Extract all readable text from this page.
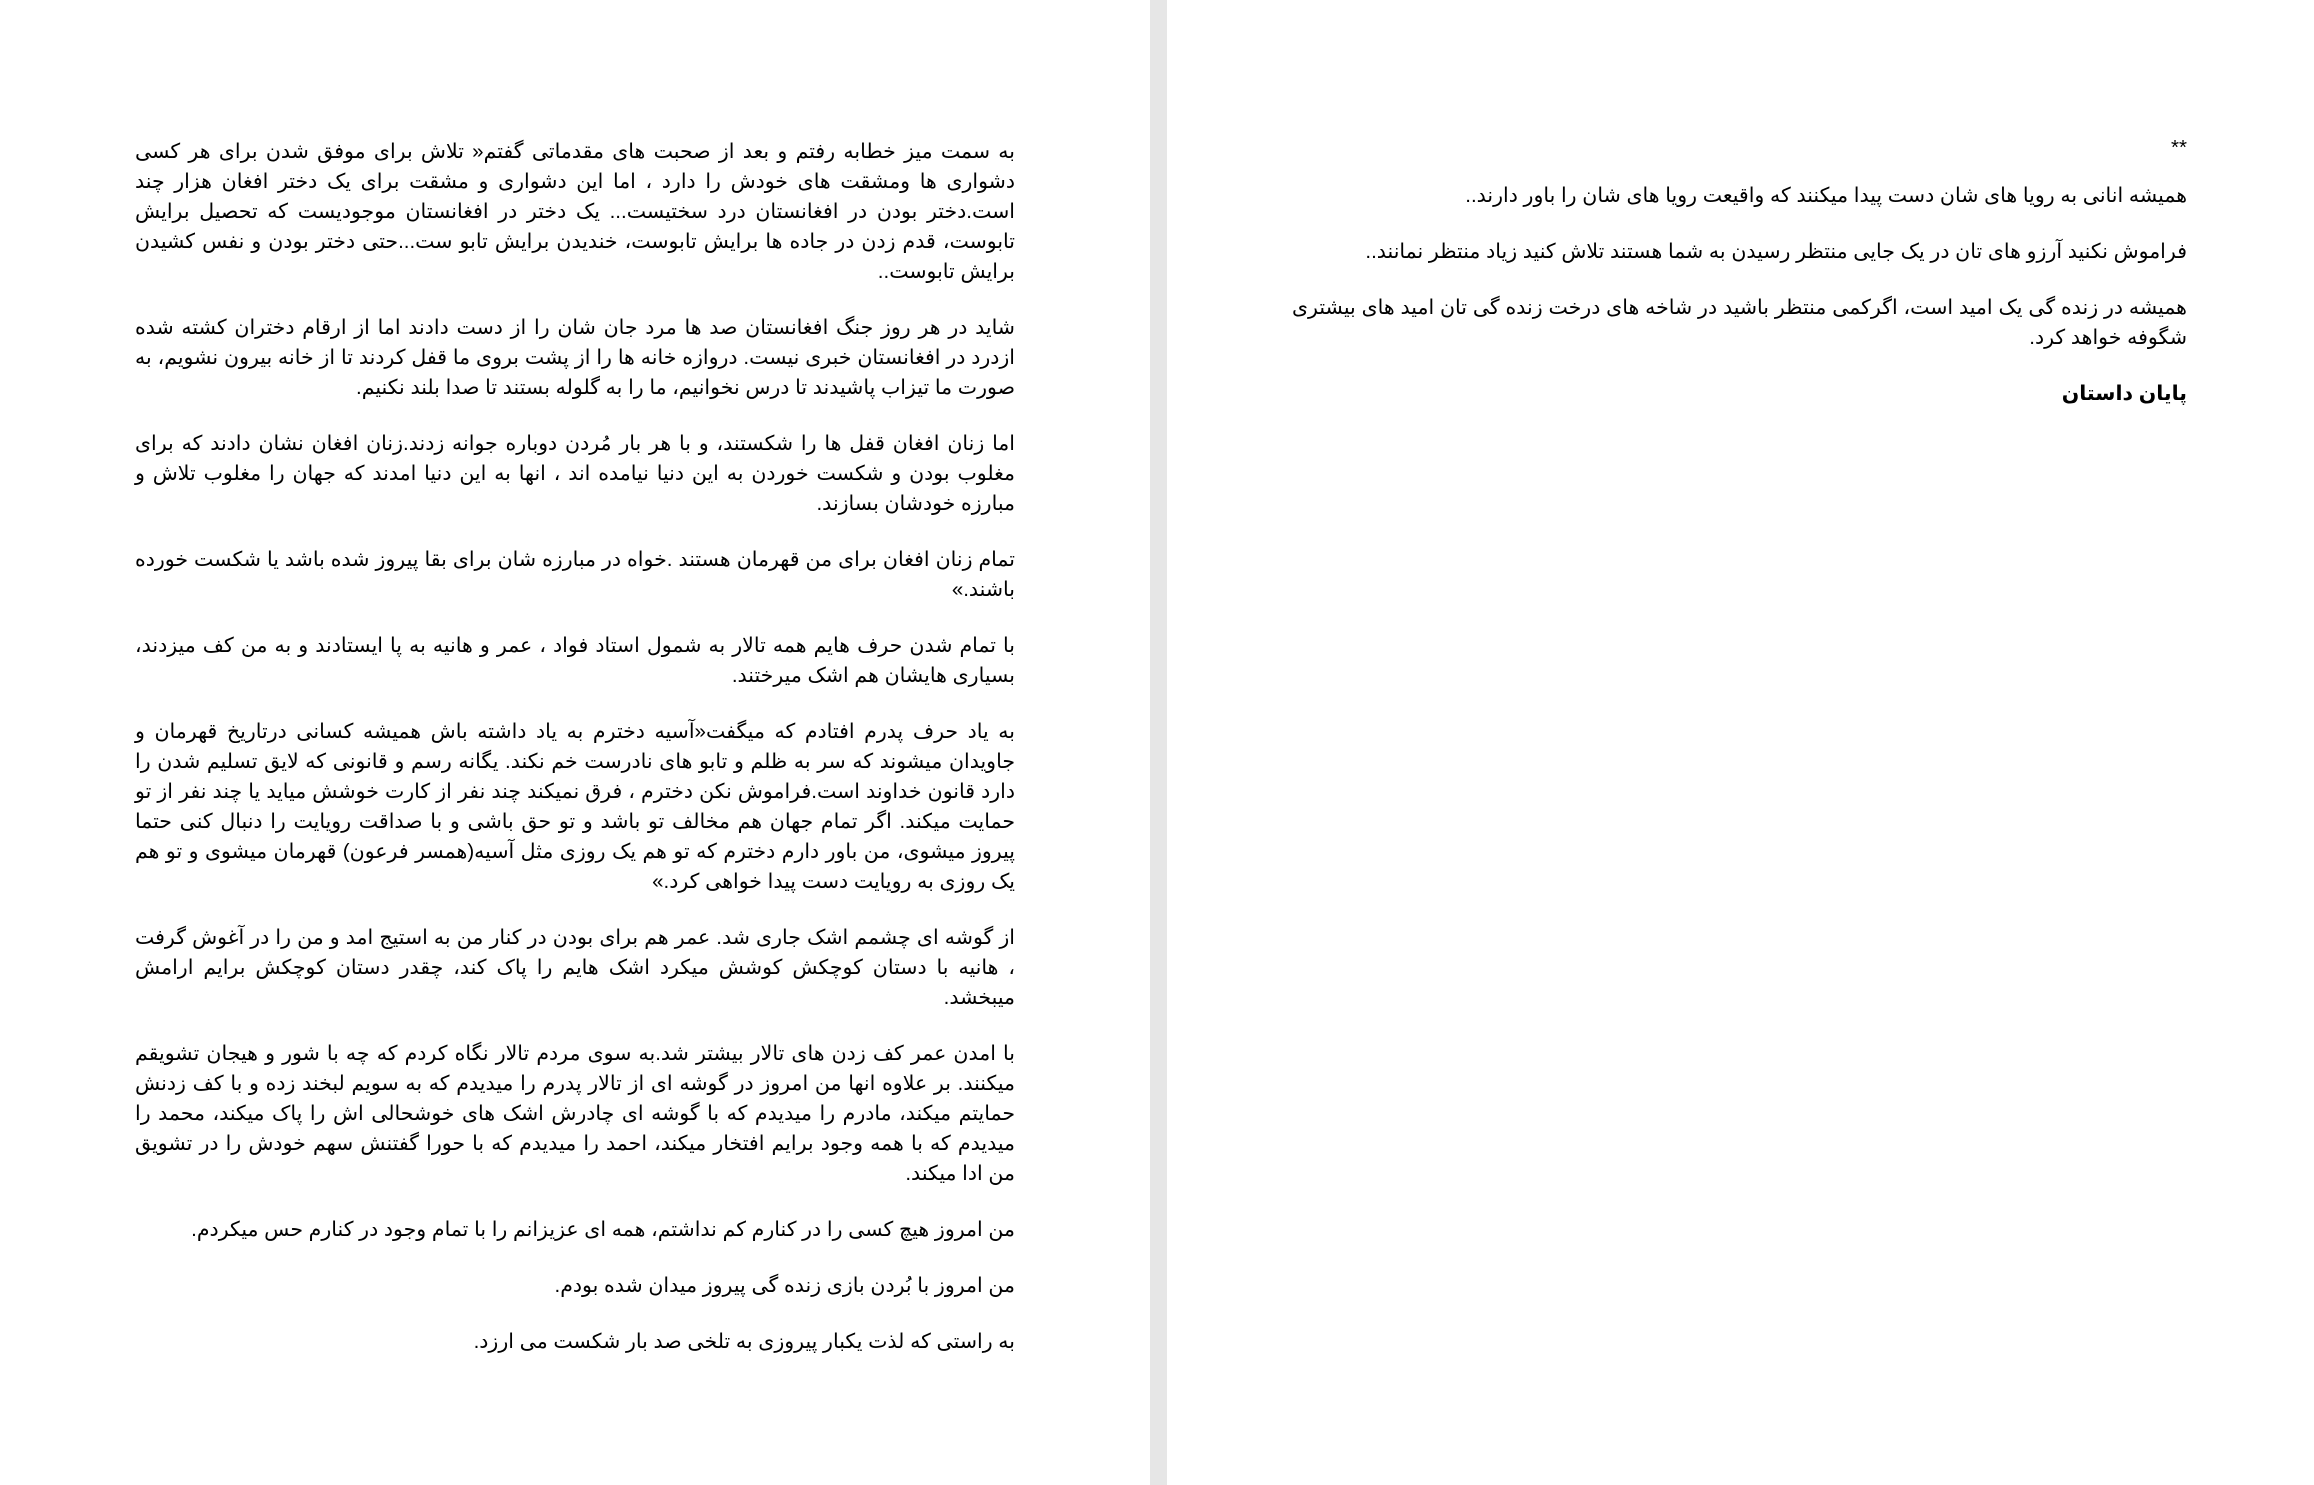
به سمت میز خطابه رفتم و بعد از صحبت های مقدماتی گفتم« تلاش برای موفق شدن برای هر کسی دشواری ها ومشقت های خودش را دارد ، اما این دشواری و مشقت برای یک دختر افغان هزار چند است.دختر بودن در افغانستان درد سختیست... یک دختر در افغانستان موجودیست که تحصیل برایش تابوست، قدم زدن در جاده ها برایش تابوست، خندیدن برایش تابو ست...حتی دختر بودن و نفس کشیدن برایش تابوست..

شاید در هر روز جنگ افغانستان صد ها مرد جان شان را از دست دادند اما از ارقام دختران کشته شده ازدرد در افغانستان خبری نیست. دروازه خانه ها را از پشت بروی ما قفل کردند تا از خانه بیرون نشویم، به صورت ما تیزاب پاشیدند تا درس نخوانیم، ما را به گلوله بستند تا صدا بلند نکنیم.

اما زنان افغان قفل ها را شکستند، و با هر بار مُردن دوباره جوانه زدند.زنان افغان نشان دادند که برای مغلوب بودن و شکست خوردن به این دنیا نیامده اند ، انها به این دنیا امدند که جهان را مغلوب تلاش و مبارزه خودشان بسازند.

تمام زنان افغان برای من قهرمان هستند .خواه در مبارزه شان برای بقا پیروز شده باشد یا شکست خورده باشند.»

با تمام شدن حرف هایم همه تالار به شمول استاد فواد ، عمر و هانیه به پا ایستادند و به من کف میزدند، بسیاری هایشان هم اشک میرختند.

به یاد حرف پدرم افتادم که میگفت«آسیه دخترم به یاد داشته باش همیشه کسانی درتاریخ قهرمان و جاویدان میشوند که سر به ظلم و تابو های نادرست خم نکند. یگانه رسم و قانونی که لایق تسلیم شدن را دارد قانون خداوند است.فراموش نکن دخترم ، فرق نمیکند چند نفر از کارت خوشش میاید یا چند نفر از تو حمایت میکند. اگر تمام جهان هم مخالف تو باشد و تو حق باشی و با صداقت رویایت را دنبال کنی حتما پیروز میشوی، من باور دارم دخترم که تو هم یک روزی مثل آسیه(همسر فرعون) قهرمان میشوی و تو هم یک روزی به رویایت دست پیدا خواهی کرد.»

از گوشه ای چشمم اشک جاری شد. عمر هم برای بودن در کنار من به استیج امد و من را در آغوش گرفت ، هانیه با دستان کوچکش کوشش میکرد اشک هایم را پاک کند، چقدر دستان کوچکش برایم ارامش میبخشد.

با امدن عمر کف زدن های تالار بیشتر شد.به سوی مردم تالار نگاه کردم که چه با شور و هیجان تشویقم میکنند. بر علاوه انها من امروز در گوشه ای از تالار پدرم را میدیدم که به سویم لبخند زده و با کف زدنش حمایتم میکند، مادرم را میدیدم که با گوشه ای چادرش اشک های خوشحالی اش را پاک میکند، محمد را میدیدم که با همه وجود برایم افتخار میکند، احمد را میدیدم که با حورا گفتنش سهم خودش را در تشویق من ادا میکند.

من امروز هیچ کسی را در کنارم کم نداشتم، همه ای عزیزانم را با تمام وجود در کنارم حس میکردم.

من امروز با بُردن بازی زنده گی پیروز میدان شده بودم.

به راستی که لذت یکبار پیروزی به تلخی صد بار شکست می ارزد.

**

همیشه انانی به رویا های شان دست پیدا میکنند که واقیعت رویا های شان را باور دارند..

فراموش نکنید آرزو های تان در یک جایی منتظر رسیدن به شما هستند تلاش کنید زیاد منتظر نمانند..

همیشه در زنده گی یک امید است، اگرکمی منتظر باشید در شاخه های درخت زنده گی تان امید های بیشتری شگوفه خواهد کرد.

پایان داستان
